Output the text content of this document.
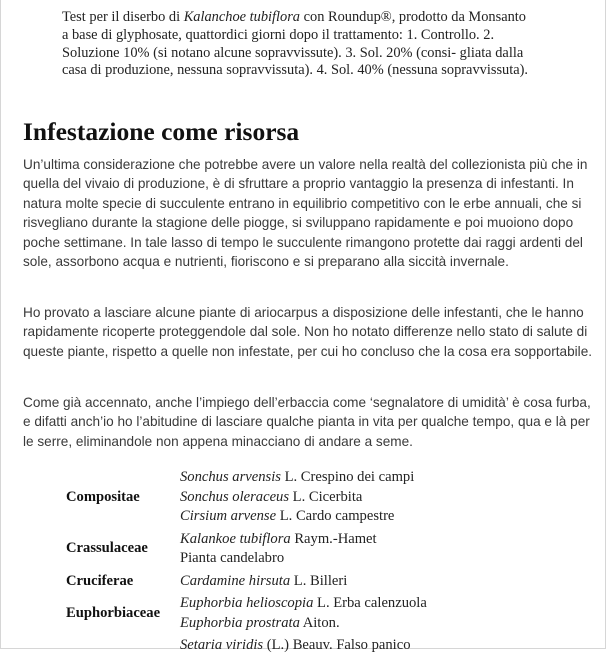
Test per il diserbo di Kalanchoe tubiflora con Roundup®, prodotto da Monsanto a base di glyphosate, quattordici giorni dopo il trattamento: 1. Controllo. 2. Soluzione 10% (si notano alcune sopravvissute). 3. Sol. 20% (consi- gliata dalla casa di produzione, nessuna sopravvissuta). 4. Sol. 40% (nessuna sopravvissuta).
Infestazione come risorsa

Un’ultima considerazione che potrebbe avere un valore nella realtà del collezionista più che in quella del vivaio di produzione, è di sfruttare a proprio vantaggio la presenza di infestanti. In natura molte specie di succulente entrano in equilibrio competitivo con le erbe annuali, che si risvegliano durante la stagione delle piogge, si sviluppano rapidamente e poi muoiono dopo poche settimane. In tale lasso di tempo le succulente rimangono protette dai raggi ardenti del sole, assorbono acqua e nutrienti, fioriscono e si preparano alla siccità invernale.

Ho provato a lasciare alcune piante di ariocarpus a disposizione delle infestanti, che le hanno rapidamente ricoperte proteggendole dal sole. Non ho notato differenze nello stato di salute di queste piante, rispetto a quelle non infestate, per cui ho concluso che la cosa era sopportabile.

Come già accennato, anche l’impiego dell’erbaccia come ‘segnalatore di umidità’ è cosa furba, e difatti anch’io ho l’abitudine di lasciare qualche pianta in vita per qualche tempo, qua e là per le serre, eliminandole non appena minacciano di andare a seme.

Compositae
Sonchus arvensis L. Crespino dei campi
Sonchus oleraceus L. Cicerbita
Cirsium arvense L. Cardo campestre
Crassulaceae
Kalankoe tubiflora Raym.-Hamet
Pianta candelabro
Cruciferae	Cardamine hirsuta L. Billeri
Euphorbiaceae
Euphorbia helioscopia L. Erba calenzuola
Euphorbia prostrata Aiton.
Setaria viridis (L.) Beauv. Falso panico
